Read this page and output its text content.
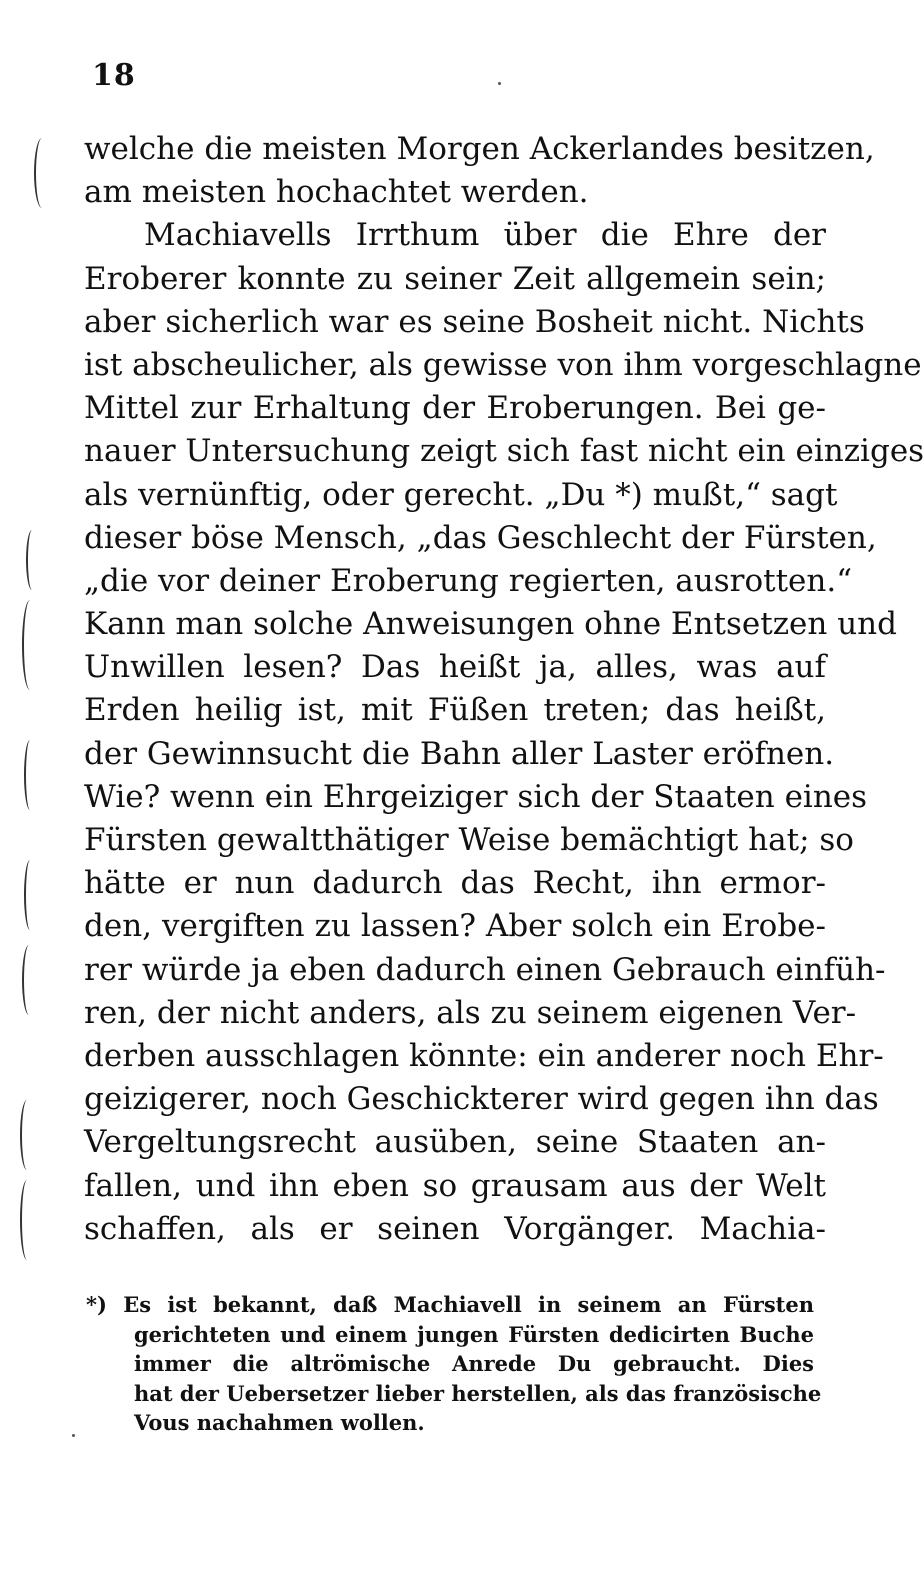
18
welche die meisten Morgen Ackerlandes besitzen,
am meisten hochachtet werden.
Machiavells Irrthum über die Ehre der
Eroberer konnte zu seiner Zeit allgemein sein;
aber sicherlich war es seine Bosheit nicht. Nichts
ist abscheulicher, als gewisse von ihm vorgeschlagne
Mittel zur Erhaltung der Eroberungen. Bei ge-
nauer Untersuchung zeigt sich fast nicht ein einziges
als vernünftig, oder gerecht. „Du *) mußt,“ sagt
dieser böse Mensch, „das Geschlecht der Fürsten,
„die vor deiner Eroberung regierten, ausrotten.“
Kann man solche Anweisungen ohne Entsetzen und
Unwillen lesen? Das heißt ja, alles, was auf
Erden heilig ist, mit Füßen treten; das heißt,
der Gewinnsucht die Bahn aller Laster eröfnen.
Wie? wenn ein Ehrgeiziger sich der Staaten eines
Fürsten gewaltthätiger Weise bemächtigt hat; so
hätte er nun dadurch das Recht, ihn ermor-
den, vergiften zu lassen? Aber solch ein Erobe-
rer würde ja eben dadurch einen Gebrauch einfüh-
ren, der nicht anders, als zu seinem eigenen Ver-
derben ausschlagen könnte: ein anderer noch Ehr-
geizigerer, noch Geschickterer wird gegen ihn das
Vergeltungsrecht ausüben, seine Staaten an-
fallen, und ihn eben so grausam aus der Welt
schaffen, als er seinen Vorgänger. Machia-
*) Es ist bekannt, daß Machiavell in seinem an Fürsten
gerichteten und einem jungen Fürsten dedicirten Buche
immer die altrömische Anrede Du gebraucht. Dies
hat der Uebersetzer lieber herstellen, als das französische
Vous nachahmen wollen.
